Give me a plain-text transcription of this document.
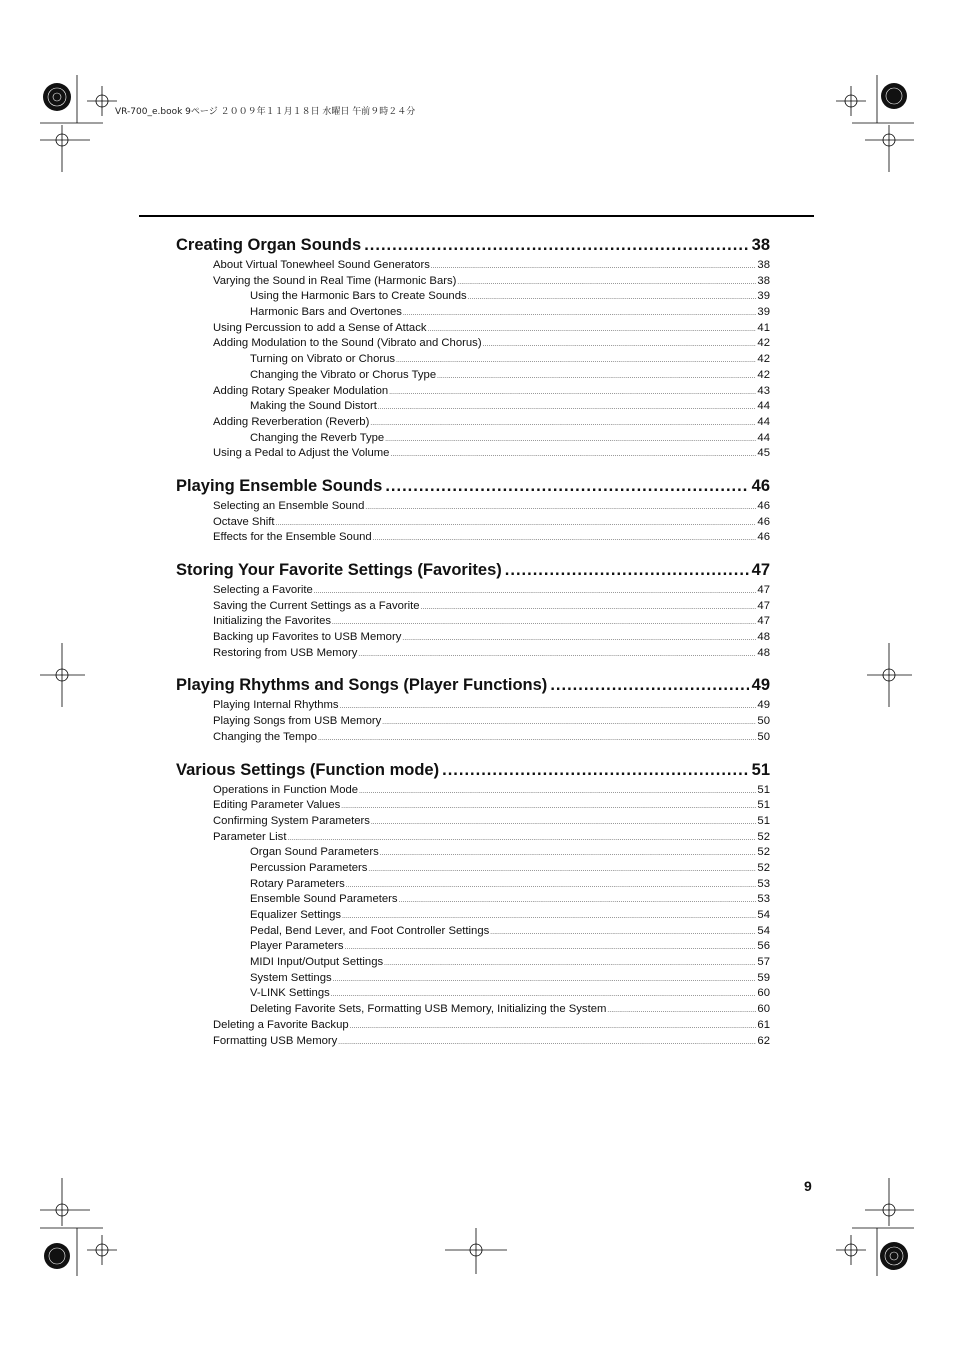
VR-700_e.book 9ページ ２００９年１１月１８日 水曜日 午前９時２４分
Creating Organ Sounds .....	38
About Virtual Tonewheel Sound Generators .....	38
Varying the Sound in Real Time (Harmonic Bars) .....	38
Using the Harmonic Bars to Create Sounds .....	39
Harmonic Bars and Overtones .....	39
Using Percussion to add a Sense of Attack .....	41
Adding Modulation to the Sound (Vibrato and Chorus) .....	42
Turning on Vibrato or Chorus .....	42
Changing the Vibrato or Chorus Type .....	42
Adding Rotary Speaker Modulation .....	43
Making the Sound Distort .....	44
Adding Reverberation (Reverb) .....	44
Changing the Reverb Type .....	44
Using a Pedal to Adjust the Volume .....	45
Playing Ensemble Sounds .....	46
Selecting an Ensemble Sound .....	46
Octave Shift .....	46
Effects for the Ensemble Sound .....	46
Storing Your Favorite Settings (Favorites) .....	47
Selecting a Favorite .....	47
Saving the Current Settings as a Favorite .....	47
Initializing the Favorites .....	47
Backing up Favorites to USB Memory .....	48
Restoring from USB Memory .....	48
Playing Rhythms and Songs (Player Functions) .....	49
Playing Internal Rhythms .....	49
Playing Songs from USB Memory .....	50
Changing the Tempo .....	50
Various Settings (Function mode) .....	51
Operations in Function Mode .....	51
Editing Parameter Values .....	51
Confirming System Parameters .....	51
Parameter List .....	52
Organ Sound Parameters .....	52
Percussion Parameters .....	52
Rotary Parameters .....	53
Ensemble Sound Parameters .....	53
Equalizer Settings .....	54
Pedal, Bend Lever, and Foot Controller Settings .....	54
Player Parameters .....	56
MIDI Input/Output Settings .....	57
System Settings .....	59
V-LINK Settings .....	60
Deleting Favorite Sets, Formatting USB Memory, Initializing the System .....	60
Deleting a Favorite Backup .....	61
Formatting USB Memory .....	62
9
